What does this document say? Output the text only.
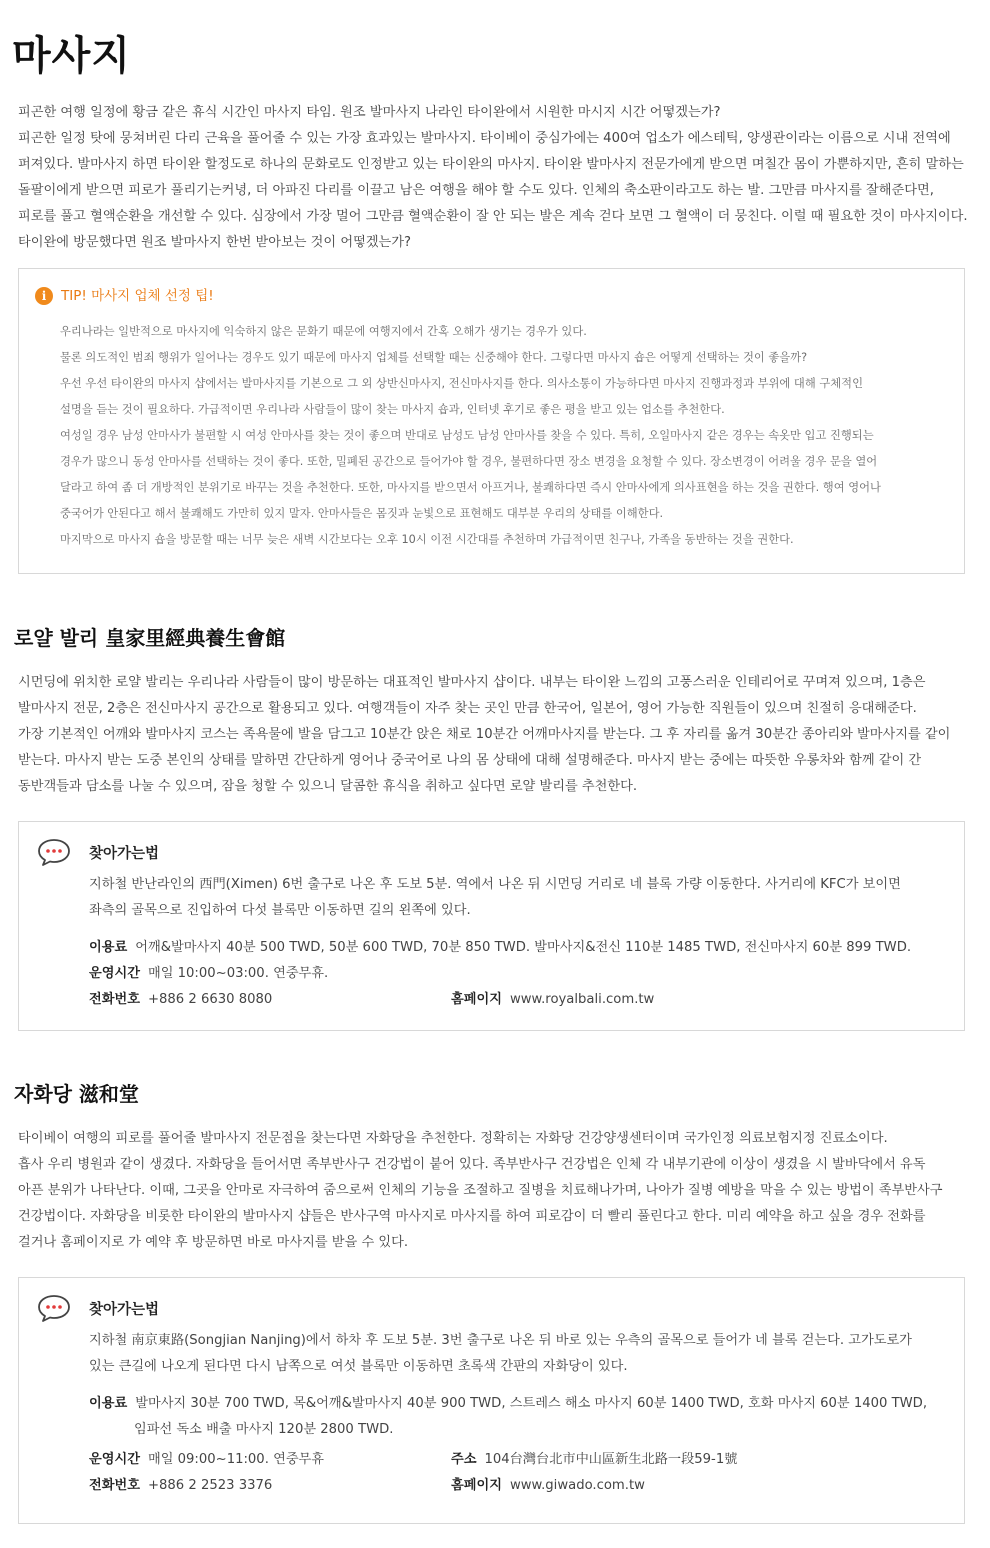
마사지

피곤한 여행 일정에 황금 같은 휴식 시간인 마사지 타임. 원조 발마사지 나라인 타이완에서 시원한 마시지 시간 어떻겠는가?

피곤한 일정 탓에 뭉쳐버린 다리 근육을 풀어줄 수 있는 가장 효과있는 발마사지. 타이베이 중심가에는 400여 업소가 에스테틱, 양생관이라는 이름으로 시내 전역에

퍼져있다. 발마사지 하면 타이완 할정도로 하나의 문화로도 인정받고 있는 타이완의 마사지. 타이완 발마사지 전문가에게 받으면 며칠간 몸이 가뿐하지만, 흔히 말하는

돌팔이에게 받으면 피로가 풀리기는커녕, 더 아파진 다리를 이끌고 남은 여행을 해야 할 수도 있다. 인체의 축소판이라고도 하는 발. 그만큼 마사지를 잘해준다면,

피로를 풀고 혈액순환을 개선할 수 있다. 심장에서 가장 멀어 그만큼 혈액순환이 잘 안 되는 발은 계속 걷다 보면 그 혈액이 더 뭉친다. 이럴 때 필요한 것이 마사지이다.

타이완에 방문했다면 원조 발마사지 한번 받아보는 것이 어떻겠는가?

i	TIP! 마사지 업체 선정 팁!

우리나라는 일반적으로 마사지에 익숙하지 않은 문화기 때문에 여행지에서 간혹 오해가 생기는 경우가 있다.

물론 의도적인 범죄 행위가 일어나는 경우도 있기 때문에 마사지 업체를 선택할 때는 신중해야 한다. 그렇다면 마사지 숍은 어떻게 선택하는 것이 좋을까?

우선 우선 타이완의 마사지 샵에서는 발마사지를 기본으로 그 외 상반신마사지, 전신마사지를 한다. 의사소통이 가능하다면 마사지 진행과정과 부위에 대해 구체적인

설명을 듣는 것이 필요하다. 가급적이면 우리나라 사람들이 많이 찾는 마사지 숍과, 인터넷 후기로 좋은 평을 받고 있는 업소를 추천한다.

여성일 경우 남성 안마사가 불편할 시 여성 안마사를 찾는 것이 좋으며 반대로 남성도 남성 안마사를 찾을 수 있다. 특히, 오일마사지 같은 경우는 속옷만 입고 진행되는

경우가 많으니 동성 안마사를 선택하는 것이 좋다. 또한, 밀폐된 공간으로 들어가야 할 경우, 불편하다면 장소 변경을 요청할 수 있다. 장소변경이 어려울 경우 문을 열어

달라고 하여 좀 더 개방적인 분위기로 바꾸는 것을 추천한다. 또한, 마사지를 받으면서 아프거나, 불쾌하다면 즉시 안마사에게 의사표현을 하는 것을 권한다. 행여 영어나

중국어가 안된다고 해서 불쾌해도 가만히 있지 말자. 안마사들은 몸짓과 눈빛으로 표현해도 대부분 우리의 상태를 이해한다.

마지막으로 마사지 숍을 방문할 때는 너무 늦은 새벽 시간보다는 오후 10시 이전 시간대를 추천하며 가급적이면 친구나, 가족을 동반하는 것을 권한다.

로얄 발리 皇家里經典養生會館

시먼딩에 위치한 로얄 발리는 우리나라 사람들이 많이 방문하는 대표적인 발마사지 샵이다. 내부는 타이완 느낌의 고풍스러운 인테리어로 꾸며져 있으며, 1층은

발마사지 전문, 2층은 전신마사지 공간으로 활용되고 있다. 여행객들이 자주 찾는 곳인 만큼 한국어, 일본어, 영어 가능한 직원들이 있으며 친절히 응대해준다.

가장 기본적인 어깨와 발마사지 코스는 족욕물에 발을 담그고 10분간 앉은 채로 10분간 어깨마사지를 받는다. 그 후 자리를 옮겨 30분간 종아리와 발마사지를 같이

받는다. 마사지 받는 도중 본인의 상태를 말하면 간단하게 영어나 중국어로 나의 몸 상태에 대해 설명해준다. 마사지 받는 중에는 따뜻한 우롱차와 함께 같이 간

동반객들과 담소를 나눌 수 있으며, 잠을 청할 수 있으니 달콤한 휴식을 취하고 싶다면 로얄 발리를 추천한다.

찾아가는법

지하철 반난라인의 西門(Ximen) 6번 출구로 나온 후 도보 5분. 역에서 나온 뒤 시먼딩 거리로 네 블록 가량 이동한다. 사거리에 KFC가 보이면

좌측의 골목으로 진입하여 다섯 블록만 이동하면 길의 왼쪽에 있다.

이용료 어깨&발마사지 40분 500 TWD, 50분 600 TWD, 70분 850 TWD. 발마사지&전신 110분 1485 TWD, 전신마사지 60분 899 TWD.
운영시간 매일 10:00~03:00. 연중무휴.
전화번호 +886 2 6630 8080	홈페이지 www.royalbali.com.tw
자화당 滋和堂

타이베이 여행의 피로를 풀어줄 발마사지 전문점을 찾는다면 자화당을 추천한다. 정확히는 자화당 건강양생센터이며 국가인정 의료보험지정 진료소이다.

흡사 우리 병원과 같이 생겼다. 자화당을 들어서면 족부반사구 건강법이 붙어 있다. 족부반사구 건강법은 인체 각 내부기관에 이상이 생겼을 시 발바닥에서 유독

아픈 분위가 나타난다. 이때, 그곳을 안마로 자극하여 줌으로써 인체의 기능을 조절하고 질병을 치료해나가며, 나아가 질병 예방을 막을 수 있는 방법이 족부반사구

건강법이다. 자화당을 비롯한 타이완의 발마사지 샵들은 반사구역 마사지로 마사지를 하여 피로감이 더 빨리 풀린다고 한다. 미리 예약을 하고 싶을 경우 전화를

걸거나 홈페이지로 가 예약 후 방문하면 바로 마사지를 받을 수 있다.

찾아가는법

지하철 南京東路(Songjian Nanjing)에서 하차 후 도보 5분. 3번 출구로 나온 뒤 바로 있는 우측의 골목으로 들어가 네 블록 걷는다. 고가도로가

있는 큰길에 나오게 된다면 다시 남쪽으로 여섯 블록만 이동하면 초록색 간판의 자화당이 있다.

이용료 발마사지 30분 700 TWD, 목&어깨&발마사지 40분 900 TWD, 스트레스 해소 마사지 60분 1400 TWD, 호화 마사지 60분 1400 TWD,
임파선 독소 배출 마사지 120분 2800 TWD.
운영시간 매일 09:00~11:00. 연중무휴	주소 104台灣台北市中山區新生北路一段59-1號
전화번호 +886 2 2523 3376	홈페이지 www.giwado.com.tw
